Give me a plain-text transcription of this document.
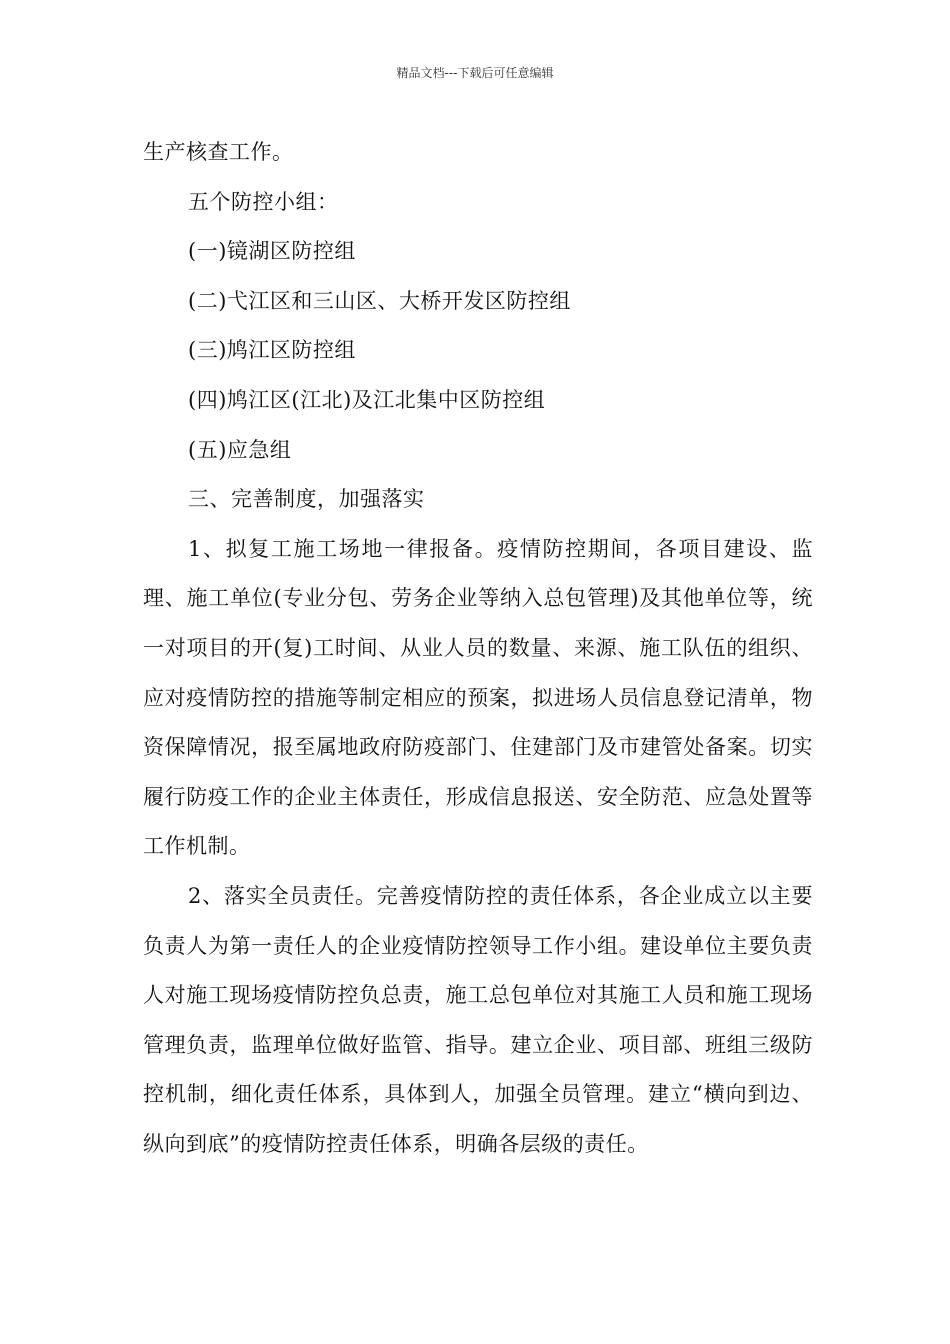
精品文档---下载后可任意编辑

生产核查工作。

五个防控小组：

(一)镜湖区防控组

(二)弋江区和三山区、大桥开发区防控组

(三)鸠江区防控组

(四)鸠江区(江北)及江北集中区防控组

(五)应急组

三、完善制度，加强落实

1、拟复工施工场地一律报备。疫情防控期间，各项目建设、监理、施工单位(专业分包、劳务企业等纳入总包管理)及其他单位等，统一对项目的开(复)工时间、从业人员的数量、来源、施工队伍的组织、应对疫情防控的措施等制定相应的预案，拟进场人员信息登记清单，物资保障情况，报至属地政府防疫部门、住建部门及市建管处备案。切实履行防疫工作的企业主体责任，形成信息报送、安全防范、应急处置等工作机制。

2、落实全员责任。完善疫情防控的责任体系，各企业成立以主要负责人为第一责任人的企业疫情防控领导工作小组。建设单位主要负责人对施工现场疫情防控负总责，施工总包单位对其施工人员和施工现场管理负责，监理单位做好监管、指导。建立企业、项目部、班组三级防控机制，细化责任体系，具体到人，加强全员管理。建立“横向到边、纵向到底”的疫情防控责任体系，明确各层级的责任。
